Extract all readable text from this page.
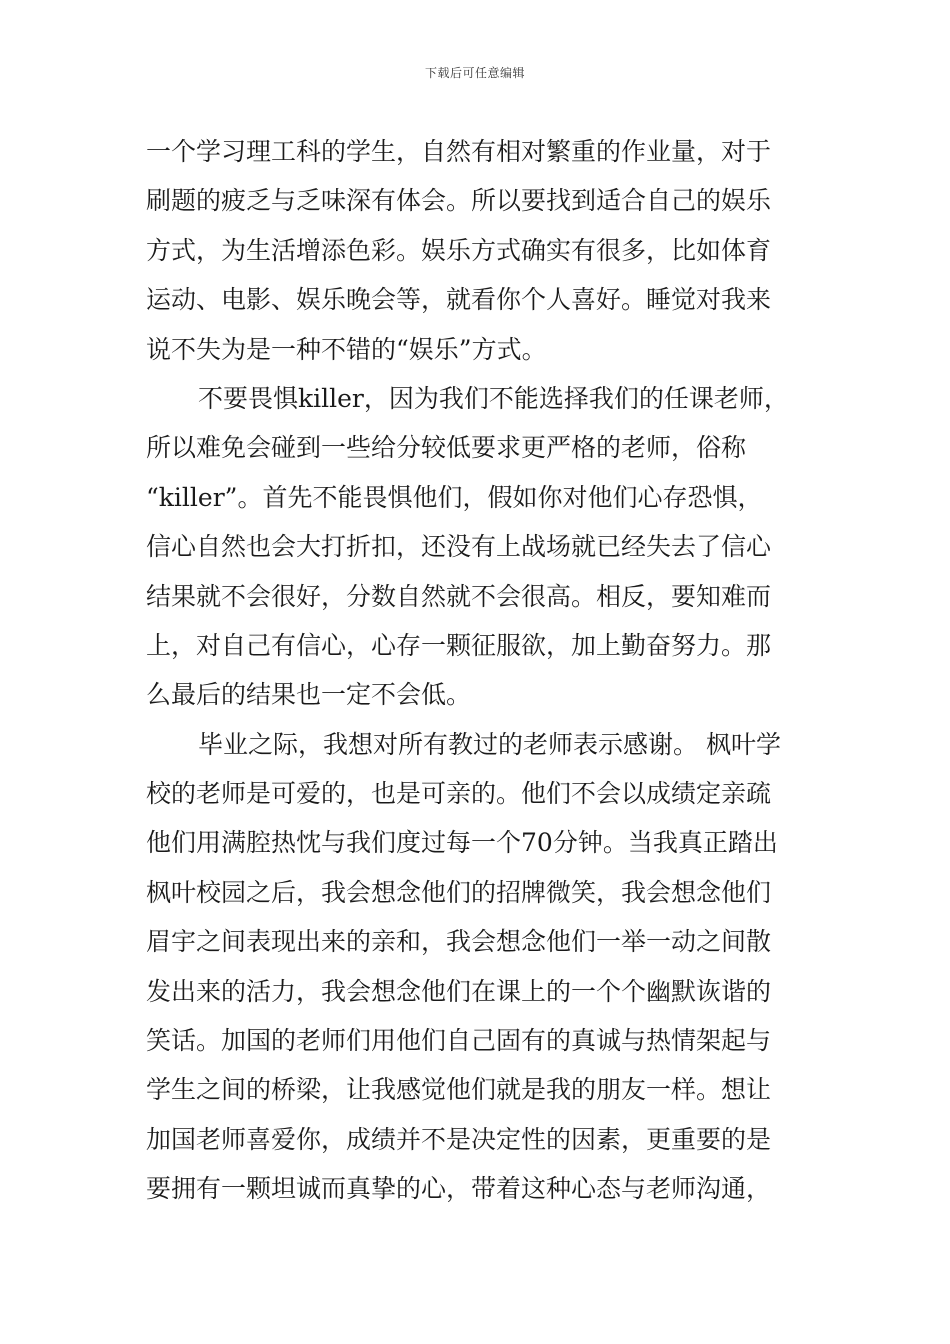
下载后可任意编辑
一个学习理工科的学生，自然有相对繁重的作业量，对于
刷题的疲乏与乏味深有体会。所以要找到适合自己的娱乐
方式，为生活增添色彩。娱乐方式确实有很多，比如体育
运动、电影、娱乐晚会等，就看你个人喜好。睡觉对我来
说不失为是一种不错的“娱乐”方式。
不要畏惧killer，因为我们不能选择我们的任课老师，
所以难免会碰到一些给分较低要求更严格的老师，俗称
“killer”。首先不能畏惧他们，假如你对他们心存恐惧，
信心自然也会大打折扣，还没有上战场就已经失去了信心
结果就不会很好，分数自然就不会很高。相反，要知难而
上，对自己有信心，心存一颗征服欲，加上勤奋努力。那
么最后的结果也一定不会低。
毕业之际，我想对所有教过的老师表示感谢。 枫叶学
校的老师是可爱的，也是可亲的。他们不会以成绩定亲疏
他们用满腔热忱与我们度过每一个70分钟。当我真正踏出
枫叶校园之后，我会想念他们的招牌微笑，我会想念他们
眉宇之间表现出来的亲和，我会想念他们一举一动之间散
发出来的活力，我会想念他们在课上的一个个幽默诙谐的
笑话。加国的老师们用他们自己固有的真诚与热情架起与
学生之间的桥梁，让我感觉他们就是我的朋友一样。想让
加国老师喜爱你，成绩并不是决定性的因素，更重要的是
要拥有一颗坦诚而真挚的心，带着这种心态与老师沟通，
